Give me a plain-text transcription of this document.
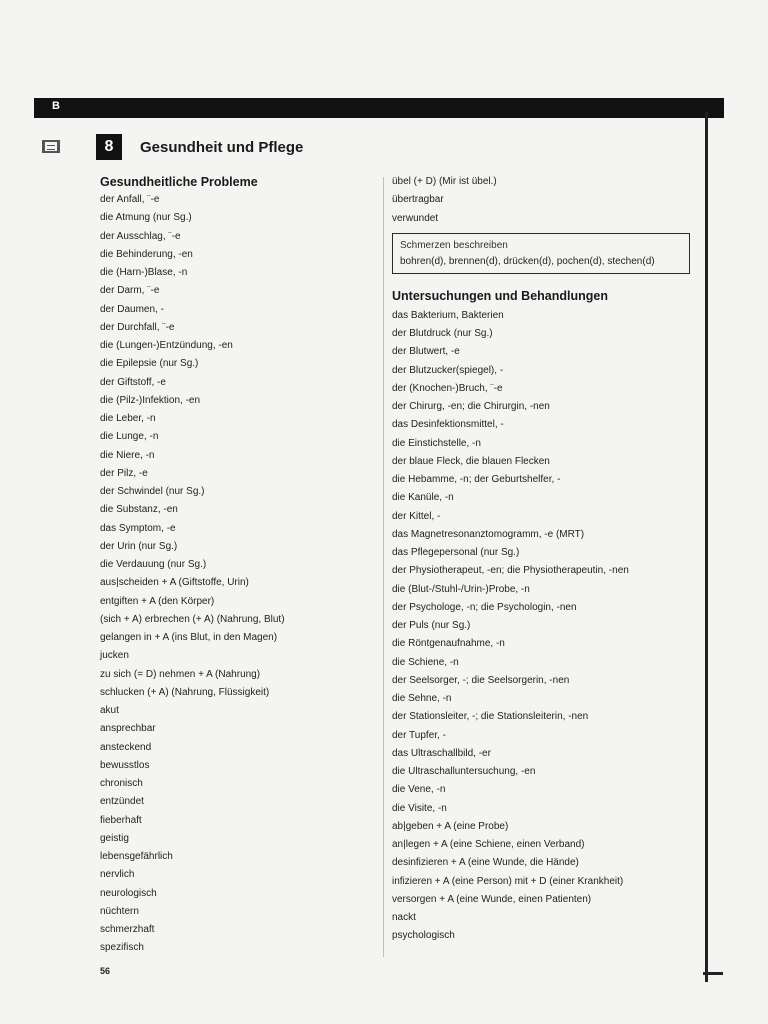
B
8	Gesundheit und Pflege
Gesundheitliche Probleme
der Anfall, ¨-e
die Atmung (nur Sg.)
der Ausschlag, ¨-e
die Behinderung, -en
die (Harn-)Blase, -n
der Darm, ¨-e
der Daumen, -
der Durchfall, ¨-e
die (Lungen-)Entzündung, -en
die Epilepsie (nur Sg.)
der Giftstoff, -e
die (Pilz-)Infektion, -en
die Leber, -n
die Lunge, -n
die Niere, -n
der Pilz, -e
der Schwindel (nur Sg.)
die Substanz, -en
das Symptom, -e
der Urin (nur Sg.)
die Verdauung (nur Sg.)
aus|scheiden + A (Giftstoffe, Urin)
entgiften + A (den Körper)
(sich + A) erbrechen (+ A) (Nahrung, Blut)
gelangen in + A (ins Blut, in den Magen)
jucken
zu sich (= D) nehmen + A (Nahrung)
schlucken (+ A) (Nahrung, Flüssigkeit)
akut
ansprechbar
ansteckend
bewusstlos
chronisch
entzündet
fieberhaft
geistig
lebensgefährlich
nervlich
neurologisch
nüchtern
schmerzhaft
spezifisch
übel (+ D) (Mir ist übel.)
übertragbar
verwundet
Schmerzen beschreiben
bohren(d), brennen(d), drücken(d), pochen(d), stechen(d)
Untersuchungen und Behandlungen
das Bakterium, Bakterien
der Blutdruck (nur Sg.)
der Blutwert, -e
der Blutzucker(spiegel), -
der (Knochen-)Bruch, ¨-e
der Chirurg, -en; die Chirurgin, -nen
das Desinfektionsmittel, -
die Einstichstelle, -n
der blaue Fleck, die blauen Flecken
die Hebamme, -n; der Geburtshelfer, -
die Kanüle, -n
der Kittel, -
das Magnetresonanztomogramm, -e (MRT)
das Pflegepersonal (nur Sg.)
der Physiotherapeut, -en; die Physiotherapeutin, -nen
die (Blut-/Stuhl-/Urin-)Probe, -n
der Psychologe, -n; die Psychologin, -nen
der Puls (nur Sg.)
die Röntgenaufnahme, -n
die Schiene, -n
der Seelsorger, -; die Seelsorgerin, -nen
die Sehne, -n
der Stationsleiter, -; die Stationsleiterin, -nen
der Tupfer, -
das Ultraschallbild, -er
die Ultraschalluntersuchung, -en
die Vene, -n
die Visite, -n
ab|geben + A (eine Probe)
an|legen + A (eine Schiene, einen Verband)
desinfizieren + A (eine Wunde, die Hände)
infizieren + A (eine Person) mit + D (einer Krankheit)
versorgen + A (eine Wunde, einen Patienten)
nackt
psychologisch
56
